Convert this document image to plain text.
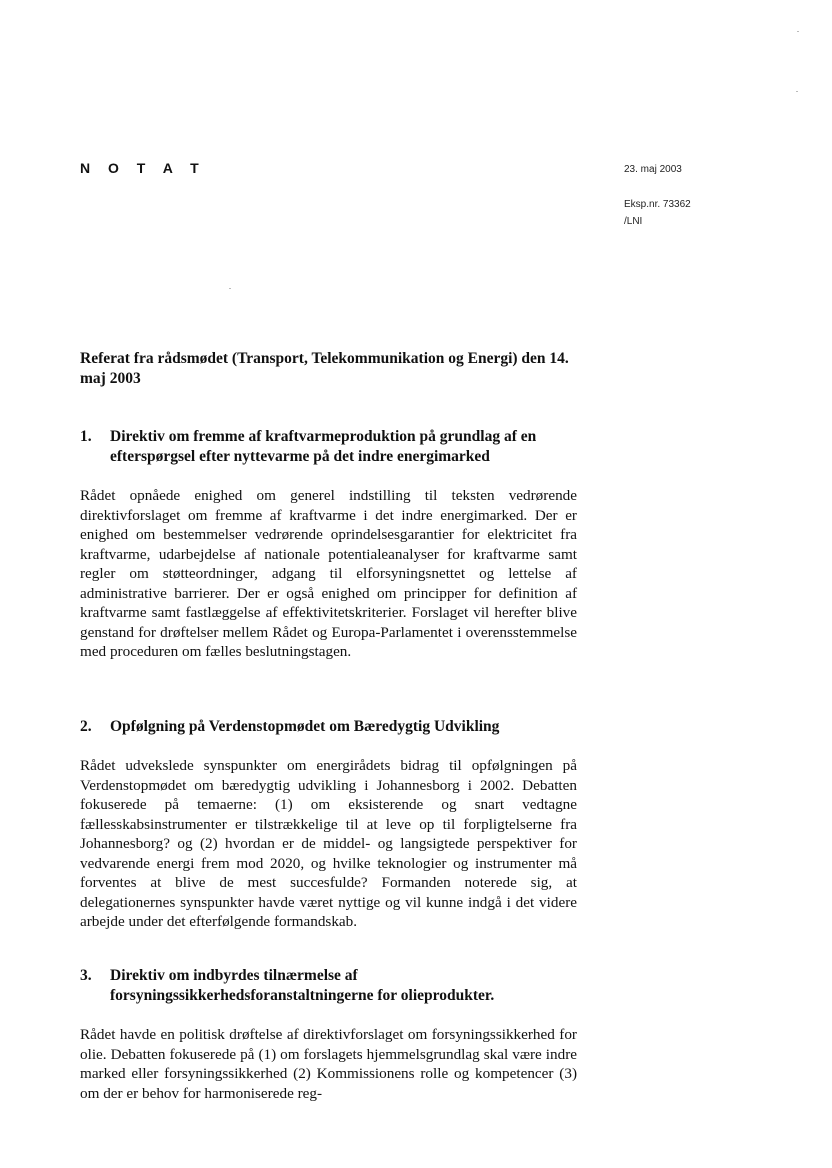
N O T A T	23. maj 2003
Eksp.nr. 73362
/LNI
Referat fra rådsmødet (Transport, Telekommunikation og Energi) den 14. maj 2003
1.	Direktiv om fremme af kraftvarmeproduktion på grundlag af en efterspørgsel efter nyttevarme på det indre energimarked

Rådet opnåede enighed om generel indstilling til teksten vedrørende direktivforslaget om fremme af kraftvarme i det indre energimarked. Der er enighed om bestemmelser vedrørende oprindelsesgarantier for elektricitet fra kraftvarme, udarbejdelse af nationale potentialeanalyser for kraftvarme samt regler om støtteordninger, adgang til elforsyningsnettet og lettelse af administrative barrierer. Der er også enighed om principper for definition af kraftvarme samt fastlæggelse af effektivitetskriterier. Forslaget vil herefter blive genstand for drøftelser mellem Rådet og Europa-Parlamentet i overensstemmelse med proceduren om fælles beslutningstagen.

2.	Opfølgning på Verdenstopmødet om Bæredygtig Udvikling

Rådet udvekslede synspunkter om energirådets bidrag til opfølgningen på Verdenstopmødet om bæredygtig udvikling i Johannesborg i 2002. Debatten fokuserede på temaerne: (1) om eksisterende og snart vedtagne fællesskabsinstrumenter er tilstrækkelige til at leve op til forpligtelserne fra Johannesborg? og (2) hvordan er de middel- og langsigtede perspektiver for vedvarende energi frem mod 2020, og hvilke teknologier og instrumenter må forventes at blive de mest succesfulde? Formanden noterede sig, at delegationernes synspunkter havde været nyttige og vil kunne indgå i det videre arbejde under det efterfølgende formandskab.

3.	Direktiv om indbyrdes tilnærmelse af forsyningssikkerhedsforanstaltningerne for olieprodukter.

Rådet havde en politisk drøftelse af direktivforslaget om forsyningssikkerhed for olie. Debatten fokuserede på (1) om forslagets hjemmelsgrundlag skal være indre marked eller forsyningssikkerhed (2) Kommissionens rolle og kompetencer (3) om der er behov for harmoniserede reg-
